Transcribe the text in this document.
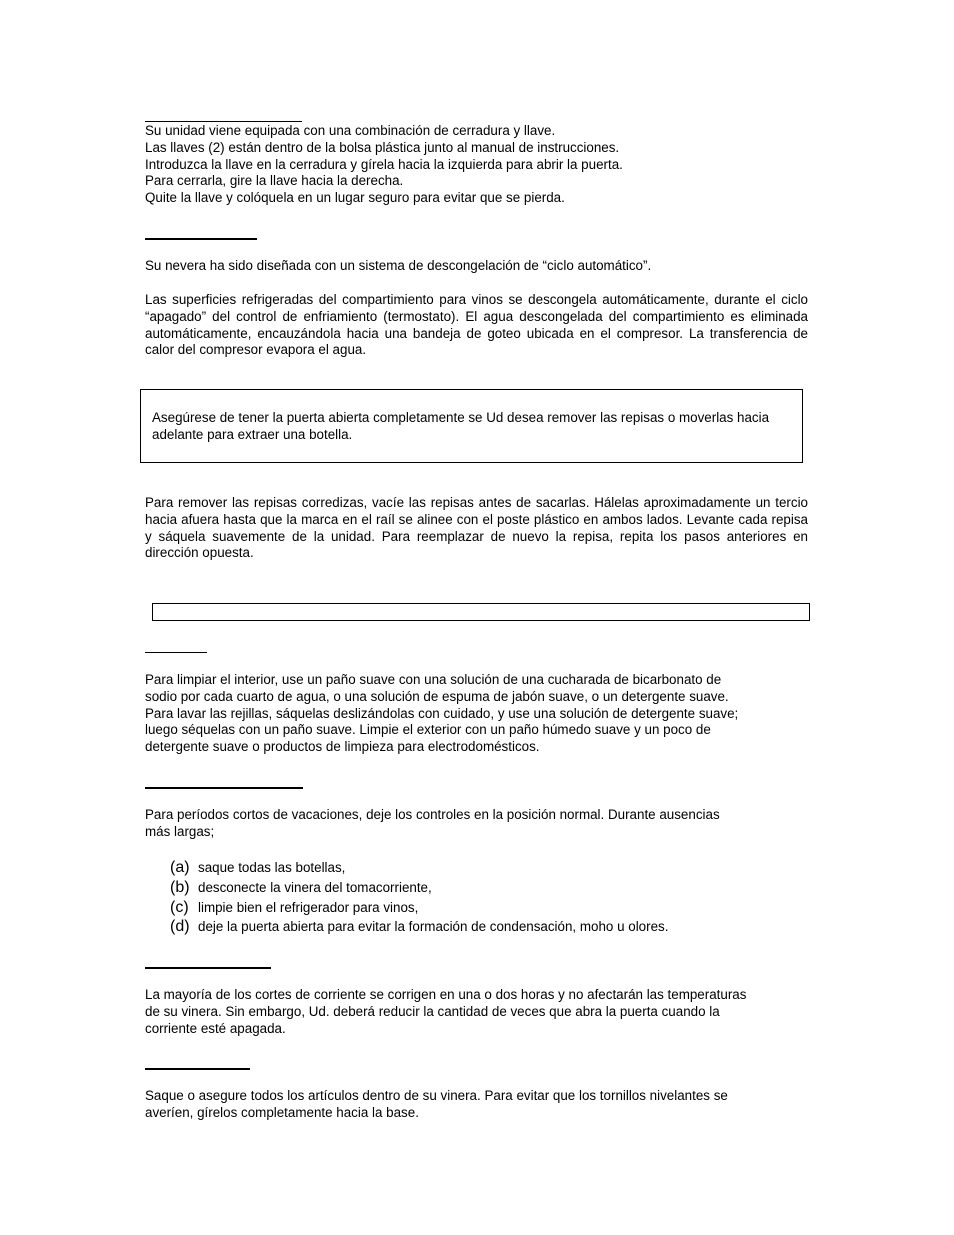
Su unidad viene equipada con una combinación de cerradura y llave.
Las llaves (2) están dentro de la bolsa plástica junto al manual de instrucciones.
Introduzca la llave en la cerradura y gírela hacia la izquierda para abrir la puerta.
Para cerrarla, gire la llave hacia la derecha.
Quite la llave y colóquela en un lugar seguro para evitar que se pierda.

Su nevera ha sido diseñada con un sistema de descongelación de “ciclo automático”.

Las superficies refrigeradas del compartimiento para vinos se descongela automáticamente, durante el ciclo “apagado” del control de enfriamiento (termostato). El agua descongelada del compartimiento es eliminada automáticamente, encauzándola hacia una bandeja de goteo ubicada en el compresor. La transferencia de calor del compresor evapora el agua.

Asegúrese de tener la puerta abierta completamente se Ud desea remover las repisas o moverlas hacia adelante para extraer una botella.

Para remover las repisas corredizas, vacíe las repisas antes de sacarlas. Hálelas aproximadamente un tercio hacia afuera hasta que la marca en el raíl se alinee con el poste plástico en ambos lados. Levante cada repisa y sáquela suavemente de la unidad. Para reemplazar de nuevo la repisa, repita los pasos anteriores en dirección opuesta.

Para limpiar el interior, use un paño suave con una solución de una cucharada de bicarbonato de
sodio por cada cuarto de agua, o una solución de espuma de jabón suave, o un detergente suave.
Para lavar las rejillas, sáquelas deslizándolas con cuidado, y use una solución de detergente suave;
luego séquelas con un paño suave. Limpie el exterior con un paño húmedo suave y un poco de
detergente suave o productos de limpieza para electrodomésticos.
Para períodos cortos de vacaciones, deje los controles en la posición normal. Durante ausencias
más largas;
(a) saque todas las botellas,
(b) desconecte la vinera del tomacorriente,
(c) limpie bien el refrigerador para vinos,
(d) deje la puerta abierta para evitar la formación de condensación, moho u olores.
La mayoría de los cortes de corriente se corrigen en una o dos horas y no afectarán las temperaturas
de su vinera. Sin embargo, Ud. deberá reducir la cantidad de veces que abra la puerta cuando la
corriente esté apagada.
Saque o asegure todos los artículos dentro de su vinera. Para evitar que los tornillos nivelantes se
averíen, gírelos completamente hacia la base.
